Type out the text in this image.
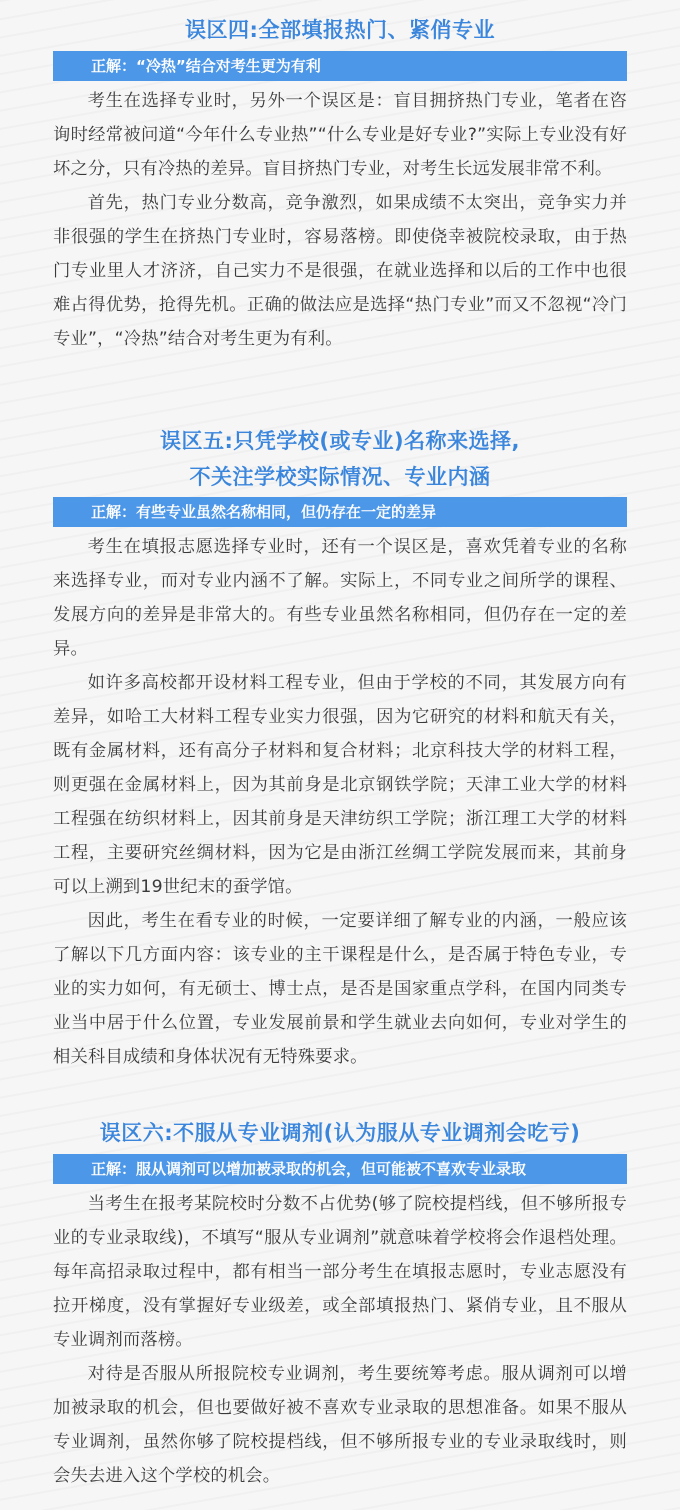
误区四:全部填报热门、紧俏专业
正解：“冷热”结合对考生更为有利

考生在选择专业时，另外一个误区是：盲目拥挤热门专业，笔者在咨询时经常被问道“今年什么专业热”“什么专业是好专业?”实际上专业没有好坏之分，只有冷热的差异。盲目挤热门专业，对考生长远发展非常不利。

首先，热门专业分数高，竞争激烈，如果成绩不太突出，竞争实力并非很强的学生在挤热门专业时，容易落榜。即使侥幸被院校录取，由于热门专业里人才济济，自己实力不是很强，在就业选择和以后的工作中也很难占得优势，抢得先机。正确的做法应是选择“热门专业”而又不忽视“冷门专业”，“冷热”结合对考生更为有利。

误区五:只凭学校(或专业)名称来选择,
不关注学校实际情况、专业内涵
正解：有些专业虽然名称相同，但仍存在一定的差异

考生在填报志愿选择专业时，还有一个误区是，喜欢凭着专业的名称来选择专业，而对专业内涵不了解。实际上，不同专业之间所学的课程、发展方向的差异是非常大的。有些专业虽然名称相同，但仍存在一定的差异。

如许多高校都开设材料工程专业，但由于学校的不同，其发展方向有差异，如哈工大材料工程专业实力很强，因为它研究的材料和航天有关，既有金属材料，还有高分子材料和复合材料；北京科技大学的材料工程，则更强在金属材料上，因为其前身是北京钢铁学院；天津工业大学的材料工程强在纺织材料上，因其前身是天津纺织工学院；浙江理工大学的材料工程，主要研究丝绸材料，因为它是由浙江丝绸工学院发展而来，其前身可以上溯到19世纪末的蚕学馆。

因此，考生在看专业的时候，一定要详细了解专业的内涵，一般应该了解以下几方面内容：该专业的主干课程是什么，是否属于特色专业，专业的实力如何，有无硕士、博士点，是否是国家重点学科，在国内同类专业当中居于什么位置，专业发展前景和学生就业去向如何，专业对学生的相关科目成绩和身体状况有无特殊要求。

误区六:不服从专业调剂(认为服从专业调剂会吃亏)
正解：服从调剂可以增加被录取的机会，但可能被不喜欢专业录取

当考生在报考某院校时分数不占优势(够了院校提档线，但不够所报专业的专业录取线)，不填写“服从专业调剂”就意味着学校将会作退档处理。每年高招录取过程中，都有相当一部分考生在填报志愿时，专业志愿没有拉开梯度，没有掌握好专业级差，或全部填报热门、紧俏专业，且不服从专业调剂而落榜。

对待是否服从所报院校专业调剂，考生要统筹考虑。服从调剂可以增加被录取的机会，但也要做好被不喜欢专业录取的思想准备。如果不服从专业调剂，虽然你够了院校提档线，但不够所报专业的专业录取线时，则会失去进入这个学校的机会。
